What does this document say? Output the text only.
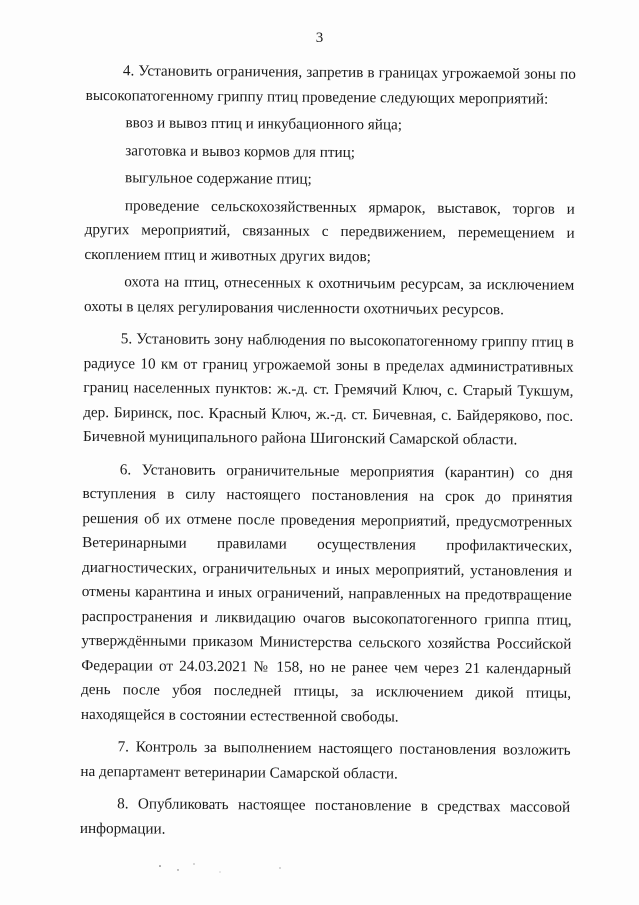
3

4. Установить ограничения, запретив в границах угрожаемой зоны по высокопатогенному гриппу птиц проведение следующих мероприятий:

ввоз и вывоз птиц и инкубационного яйца;

заготовка и вывоз кормов для птиц;

выгульное содержание птиц;

проведение сельскохозяйственных ярмарок, выставок, торгов и других мероприятий, связанных с передвижением, перемещением и скоплением птиц и животных других видов;

охота на птиц, отнесенных к охотничьим ресурсам, за исключением охоты в целях регулирования численности охотничьих ресурсов.

5. Установить зону наблюдения по высокопатогенному гриппу птиц в радиусе 10 км от границ угрожаемой зоны в пределах административных границ населенных пунктов: ж.-д. ст. Гремячий Ключ, с. Старый Тукшум, дер. Биринск, пос. Красный Ключ, ж.-д. ст. Бичевная, с. Байдеряково, пос. Бичевной муниципального района Шигонский Самарской области.

6. Установить ограничительные мероприятия (карантин) со дня вступления в силу настоящего постановления на срок до принятия решения об их отмене после проведения мероприятий, предусмотренных Ветеринарными правилами осуществления профилактических, диагностических, ограничительных и иных мероприятий, установления и отмены карантина и иных ограничений, направленных на предотвращение распространения и ликвидацию очагов высокопатогенного гриппа птиц, утверждёнными приказом Министерства сельского хозяйства Российской Федерации от 24.03.2021 № 158, но не ранее чем через 21 календарный день после убоя последней птицы, за исключением дикой птицы, находящейся в состоянии естественной свободы.

7. Контроль за выполнением настоящего постановления возложить на департамент ветеринарии Самарской области.

8. Опубликовать настоящее постановление в средствах массовой информации.
